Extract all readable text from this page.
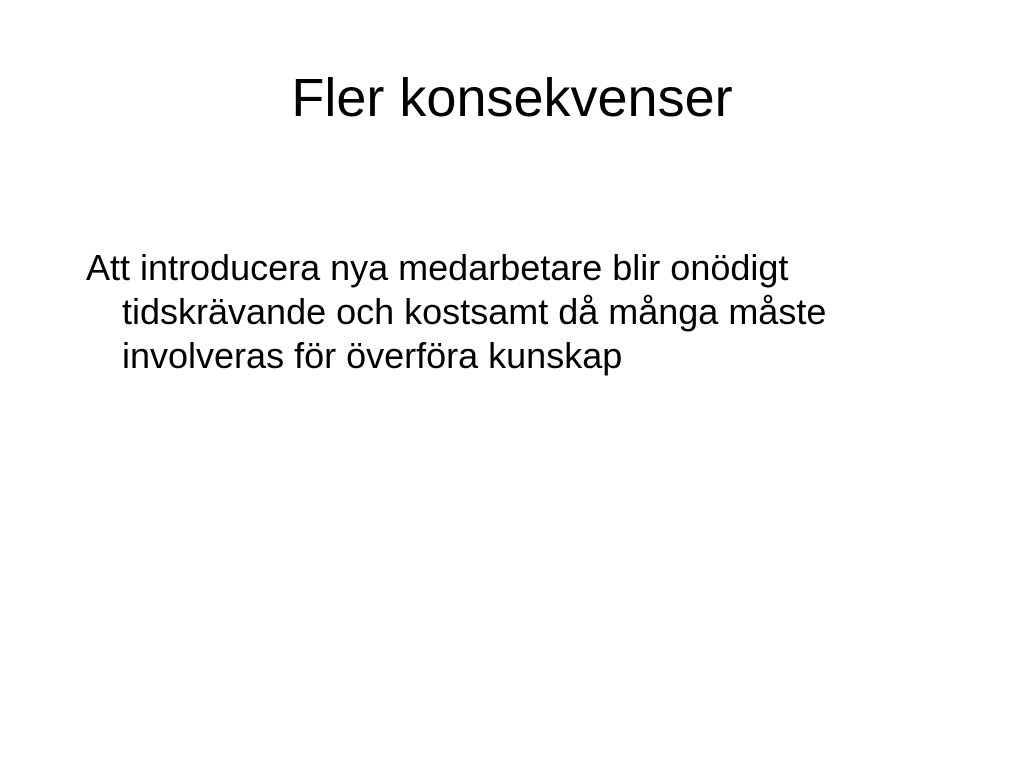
Fler konsekvenser
Att introducera nya medarbetare blir onödigt tidskrävande och kostsamt då många måste involveras för överföra kunskap
